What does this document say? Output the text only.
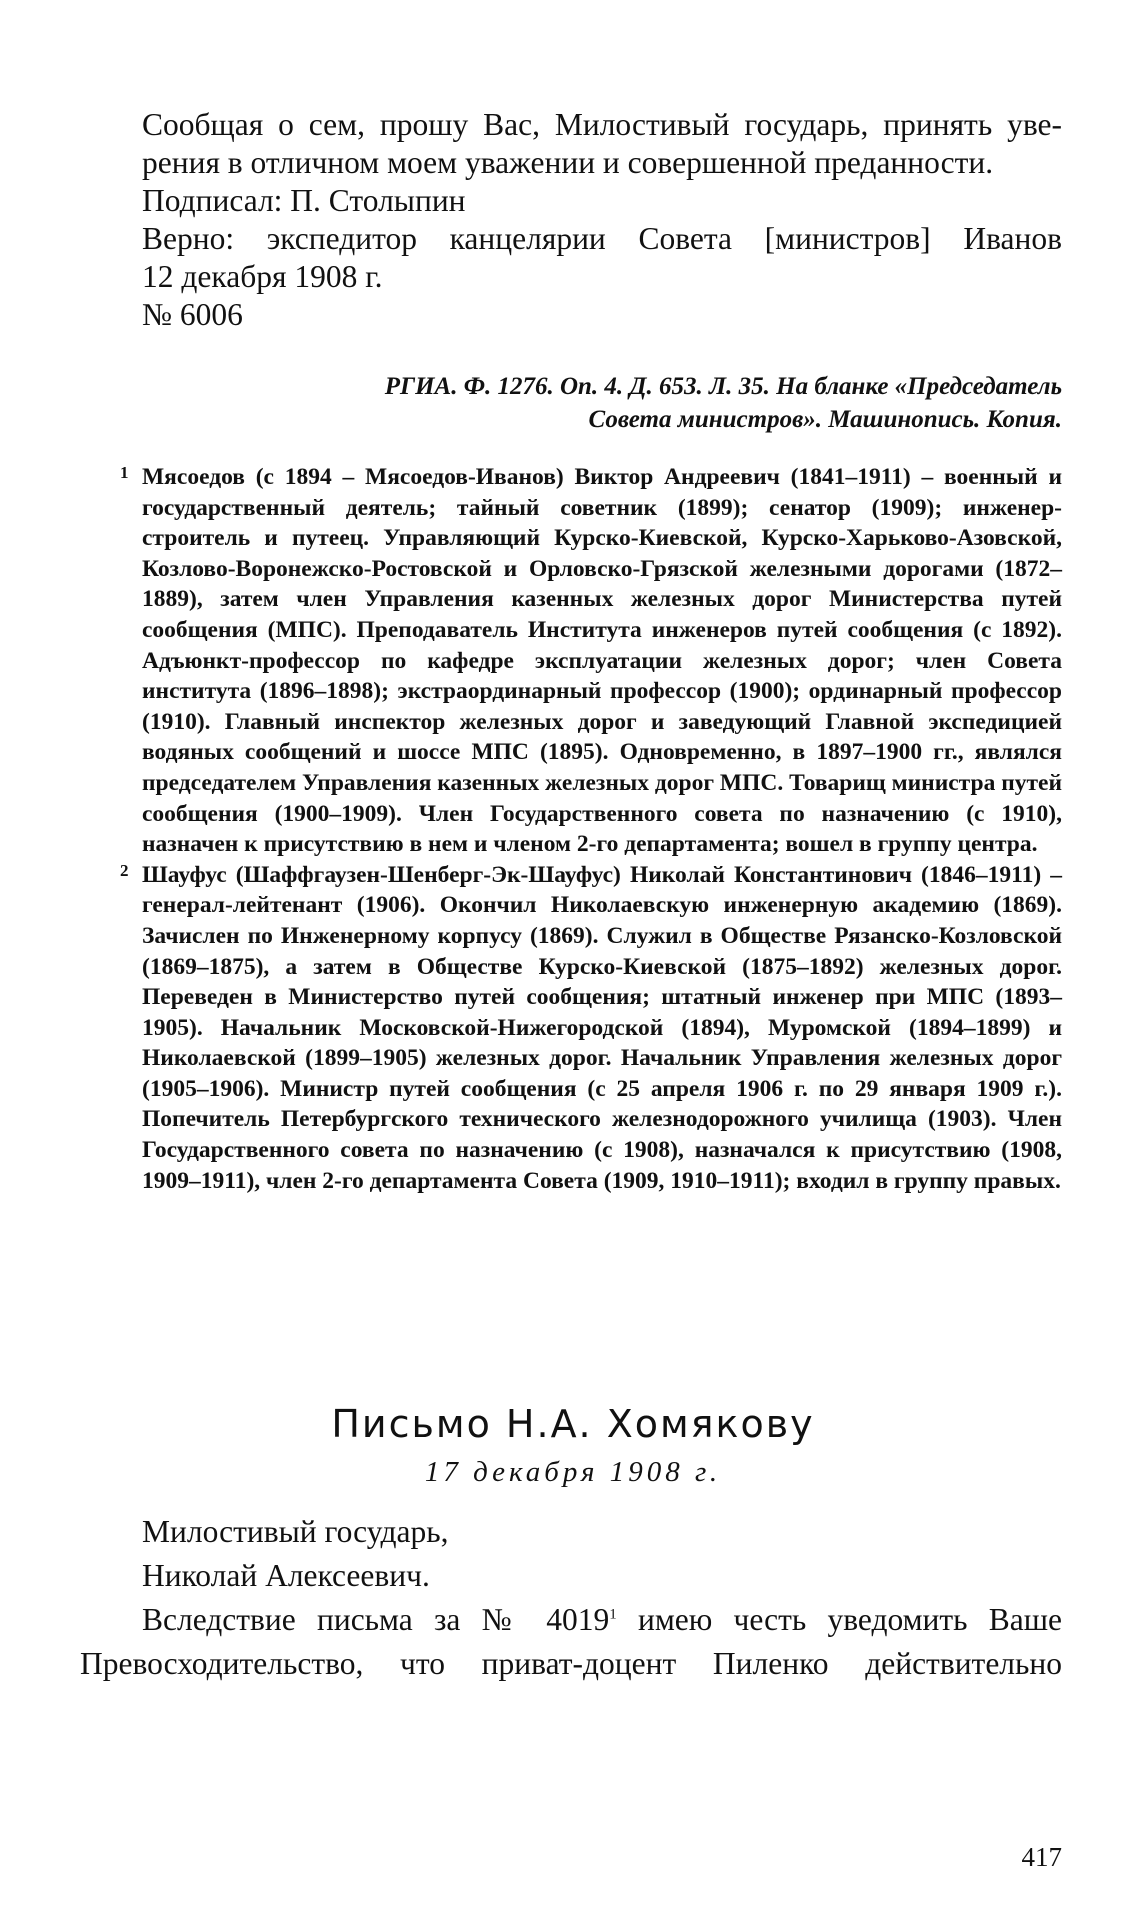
Сообщая о сем, прошу Вас, Милостивый государь, принять уве-

рения в отличном моем уважении и совершенной преданности.

Подписал: П. Столыпин

Верно: экспедитор канцелярии Совета [министров] Иванов

12 декабря 1908 г.

№ 6006

РГИА. Ф. 1276. Оп. 4. Д. 653. Л. 35. На бланке «Председатель
Совета министров». Машинопись. Копия.

1 Мясоедов (с 1894 – Мясоедов-Иванов) Виктор Андреевич (1841–1911) – военный и государственный деятель; тайный советник (1899); сенатор (1909); инженер-строитель и путеец. Управляющий Курско-Киевской, Курско-Харьково-Азовской, Козлово-Воронежско-Ростовской и Орловско-Грязской железными дорогами (1872–1889), затем член Управления казенных железных дорог Министерства путей сообщения (МПС). Преподаватель Института инженеров путей сообщения (с 1892). Адъюнкт-профессор по кафедре эксплуатации железных дорог; член Совета института (1896–1898); экстраординарный профессор (1900); ординарный профессор (1910). Главный инспектор железных дорог и заведующий Главной экспедицией водяных сообщений и шоссе МПС (1895). Одновременно, в 1897–1900 гг., являлся председателем Управления казенных железных дорог МПС. Товарищ министра путей сообщения (1900–1909). Член Государственного совета по назначению (с 1910), назначен к присутствию в нем и членом 2-го департамента; вошел в группу центра.

2 Шауфус (Шаффгаузен-Шенберг-Эк-Шауфус) Николай Константинович (1846–1911) – генерал-лейтенант (1906). Окончил Николаевскую инженерную академию (1869). Зачислен по Инженерному корпусу (1869). Служил в Обществе Рязанско-Козловской (1869–1875), а затем в Обществе Курско-Киевской (1875–1892) железных дорог. Переведен в Министерство путей сообщения; штатный инженер при МПС (1893–1905). Начальник Московской-Нижегородской (1894), Муромской (1894–1899) и Николаевской (1899–1905) железных дорог. Начальник Управления железных дорог (1905–1906). Министр путей сообщения (с 25 апреля 1906 г. по 29 января 1909 г.). Попечитель Петербургского технического железнодорожного училища (1903). Член Государственного совета по назначению (с 1908), назначался к присутствию (1908, 1909–1911), член 2-го департамента Совета (1909, 1910–1911); входил в группу правых.

Письмо Н.А. Хомякову
17 декабря 1908 г.

Милостивый государь,

Николай Алексеевич.

Вследствие письма за № 4019$^1$ имею честь уведомить Ваше

Превосходительство, что приват-доцент Пиленко действительно

417
